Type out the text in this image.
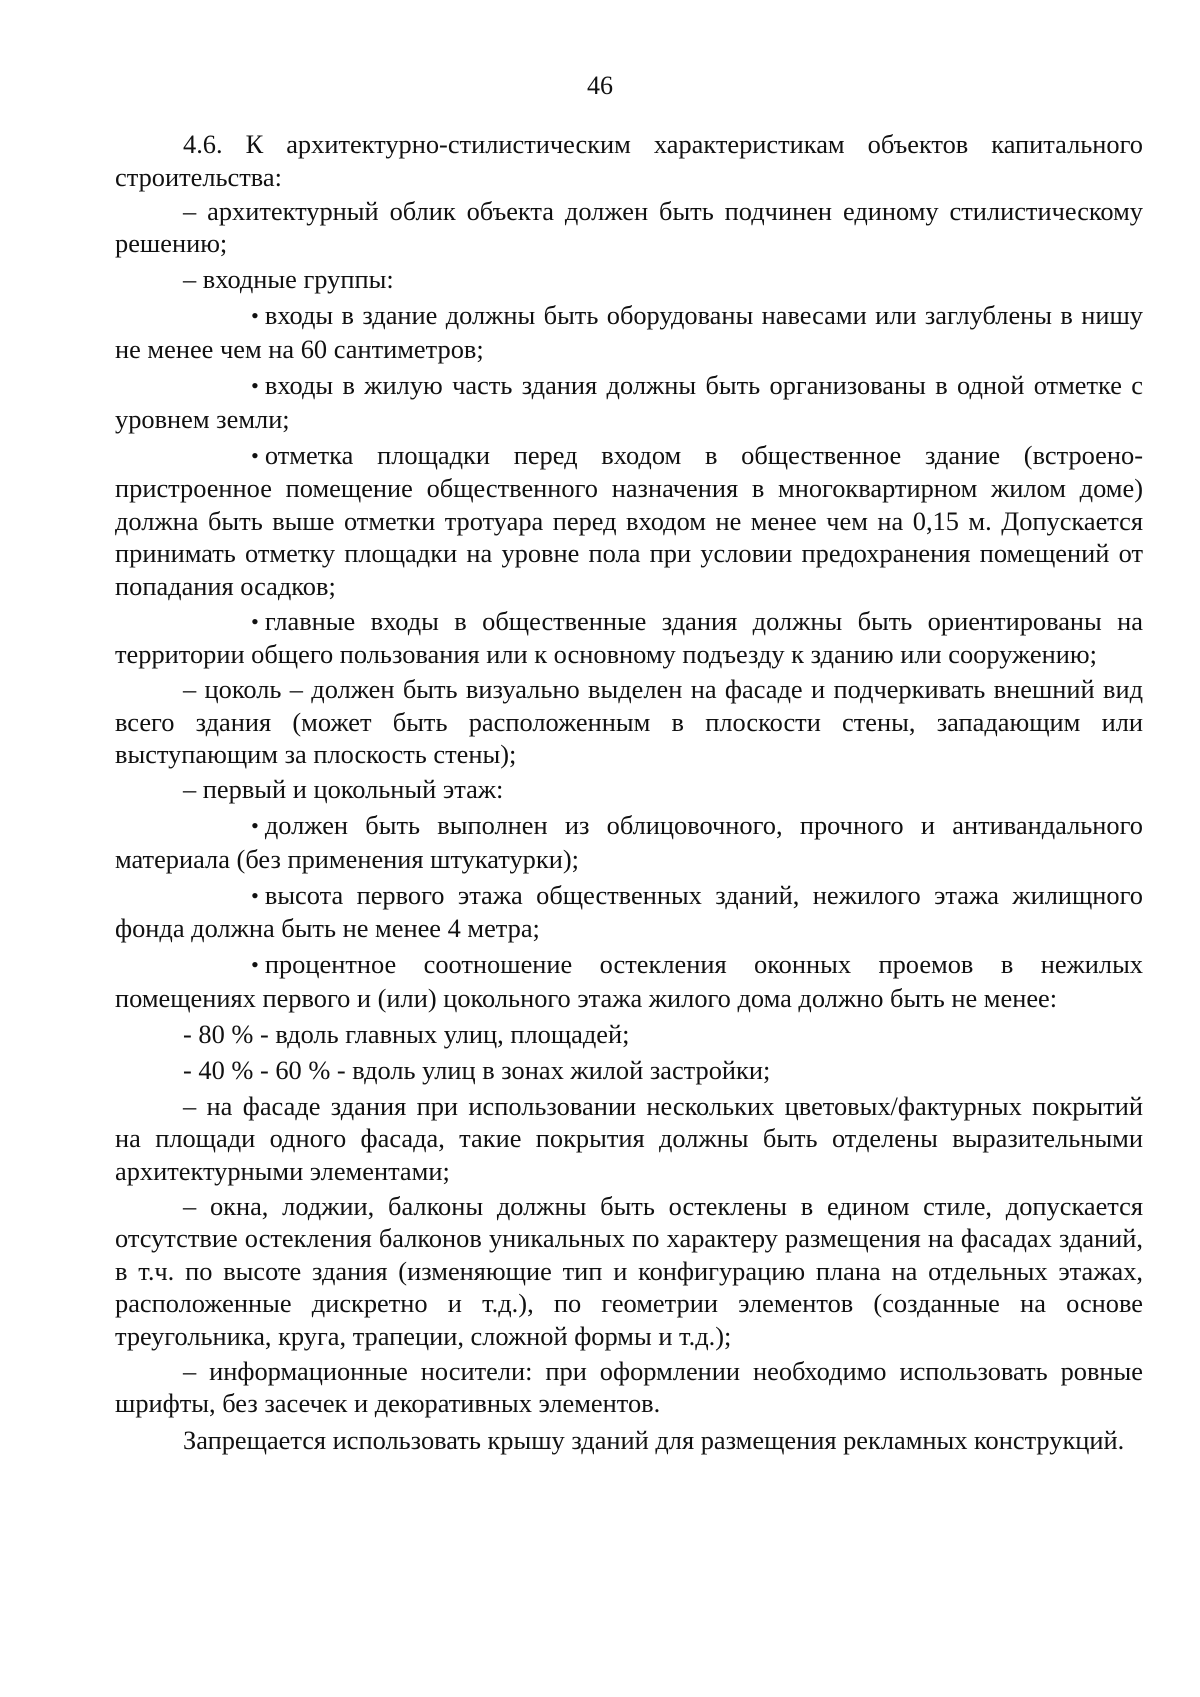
46

4.6. К архитектурно-стилистическим характеристикам объектов капитального строительства:

– архитектурный облик объекта должен быть подчинен единому стилистическому решению;

– входные группы:

• входы в здание должны быть оборудованы навесами или заглублены в нишу не менее чем на 60 сантиметров;

• входы в жилую часть здания должны быть организованы в одной отметке с уровнем земли;

• отметка площадки перед входом в общественное здание (встроено-пристроенное помещение общественного назначения в многоквартирном жилом доме) должна быть выше отметки тротуара перед входом не менее чем на 0,15 м. Допускается принимать отметку площадки на уровне пола при условии предохранения помещений от попадания осадков;

• главные входы в общественные здания должны быть ориентированы на территории общего пользования или к основному подъезду к зданию или сооружению;

– цоколь – должен быть визуально выделен на фасаде и подчеркивать внешний вид всего здания (может быть расположенным в плоскости стены, западающим или выступающим за плоскость стены);

– первый и цокольный этаж:

• должен быть выполнен из облицовочного, прочного и антивандального материала (без применения штукатурки);

• высота первого этажа общественных зданий, нежилого этажа жилищного фонда должна быть не менее 4 метра;

• процентное соотношение остекления оконных проемов в нежилых помещениях первого и (или) цокольного этажа жилого дома должно быть не менее:

- 80 % - вдоль главных улиц, площадей;

- 40 % - 60 % - вдоль улиц в зонах жилой застройки;

– на фасаде здания при использовании нескольких цветовых/фактурных покрытий на площади одного фасада, такие покрытия должны быть отделены выразительными архитектурными элементами;

– окна, лоджии, балконы должны быть остеклены в едином стиле, допускается отсутствие остекления балконов уникальных по характеру размещения на фасадах зданий, в т.ч. по высоте здания (изменяющие тип и конфигурацию плана на отдельных этажах, расположенные дискретно и т.д.), по геометрии элементов (созданные на основе треугольника, круга, трапеции, сложной формы и т.д.);

– информационные носители: при оформлении необходимо использовать ровные шрифты, без засечек и декоративных элементов.

Запрещается использовать крышу зданий для размещения рекламных конструкций.
